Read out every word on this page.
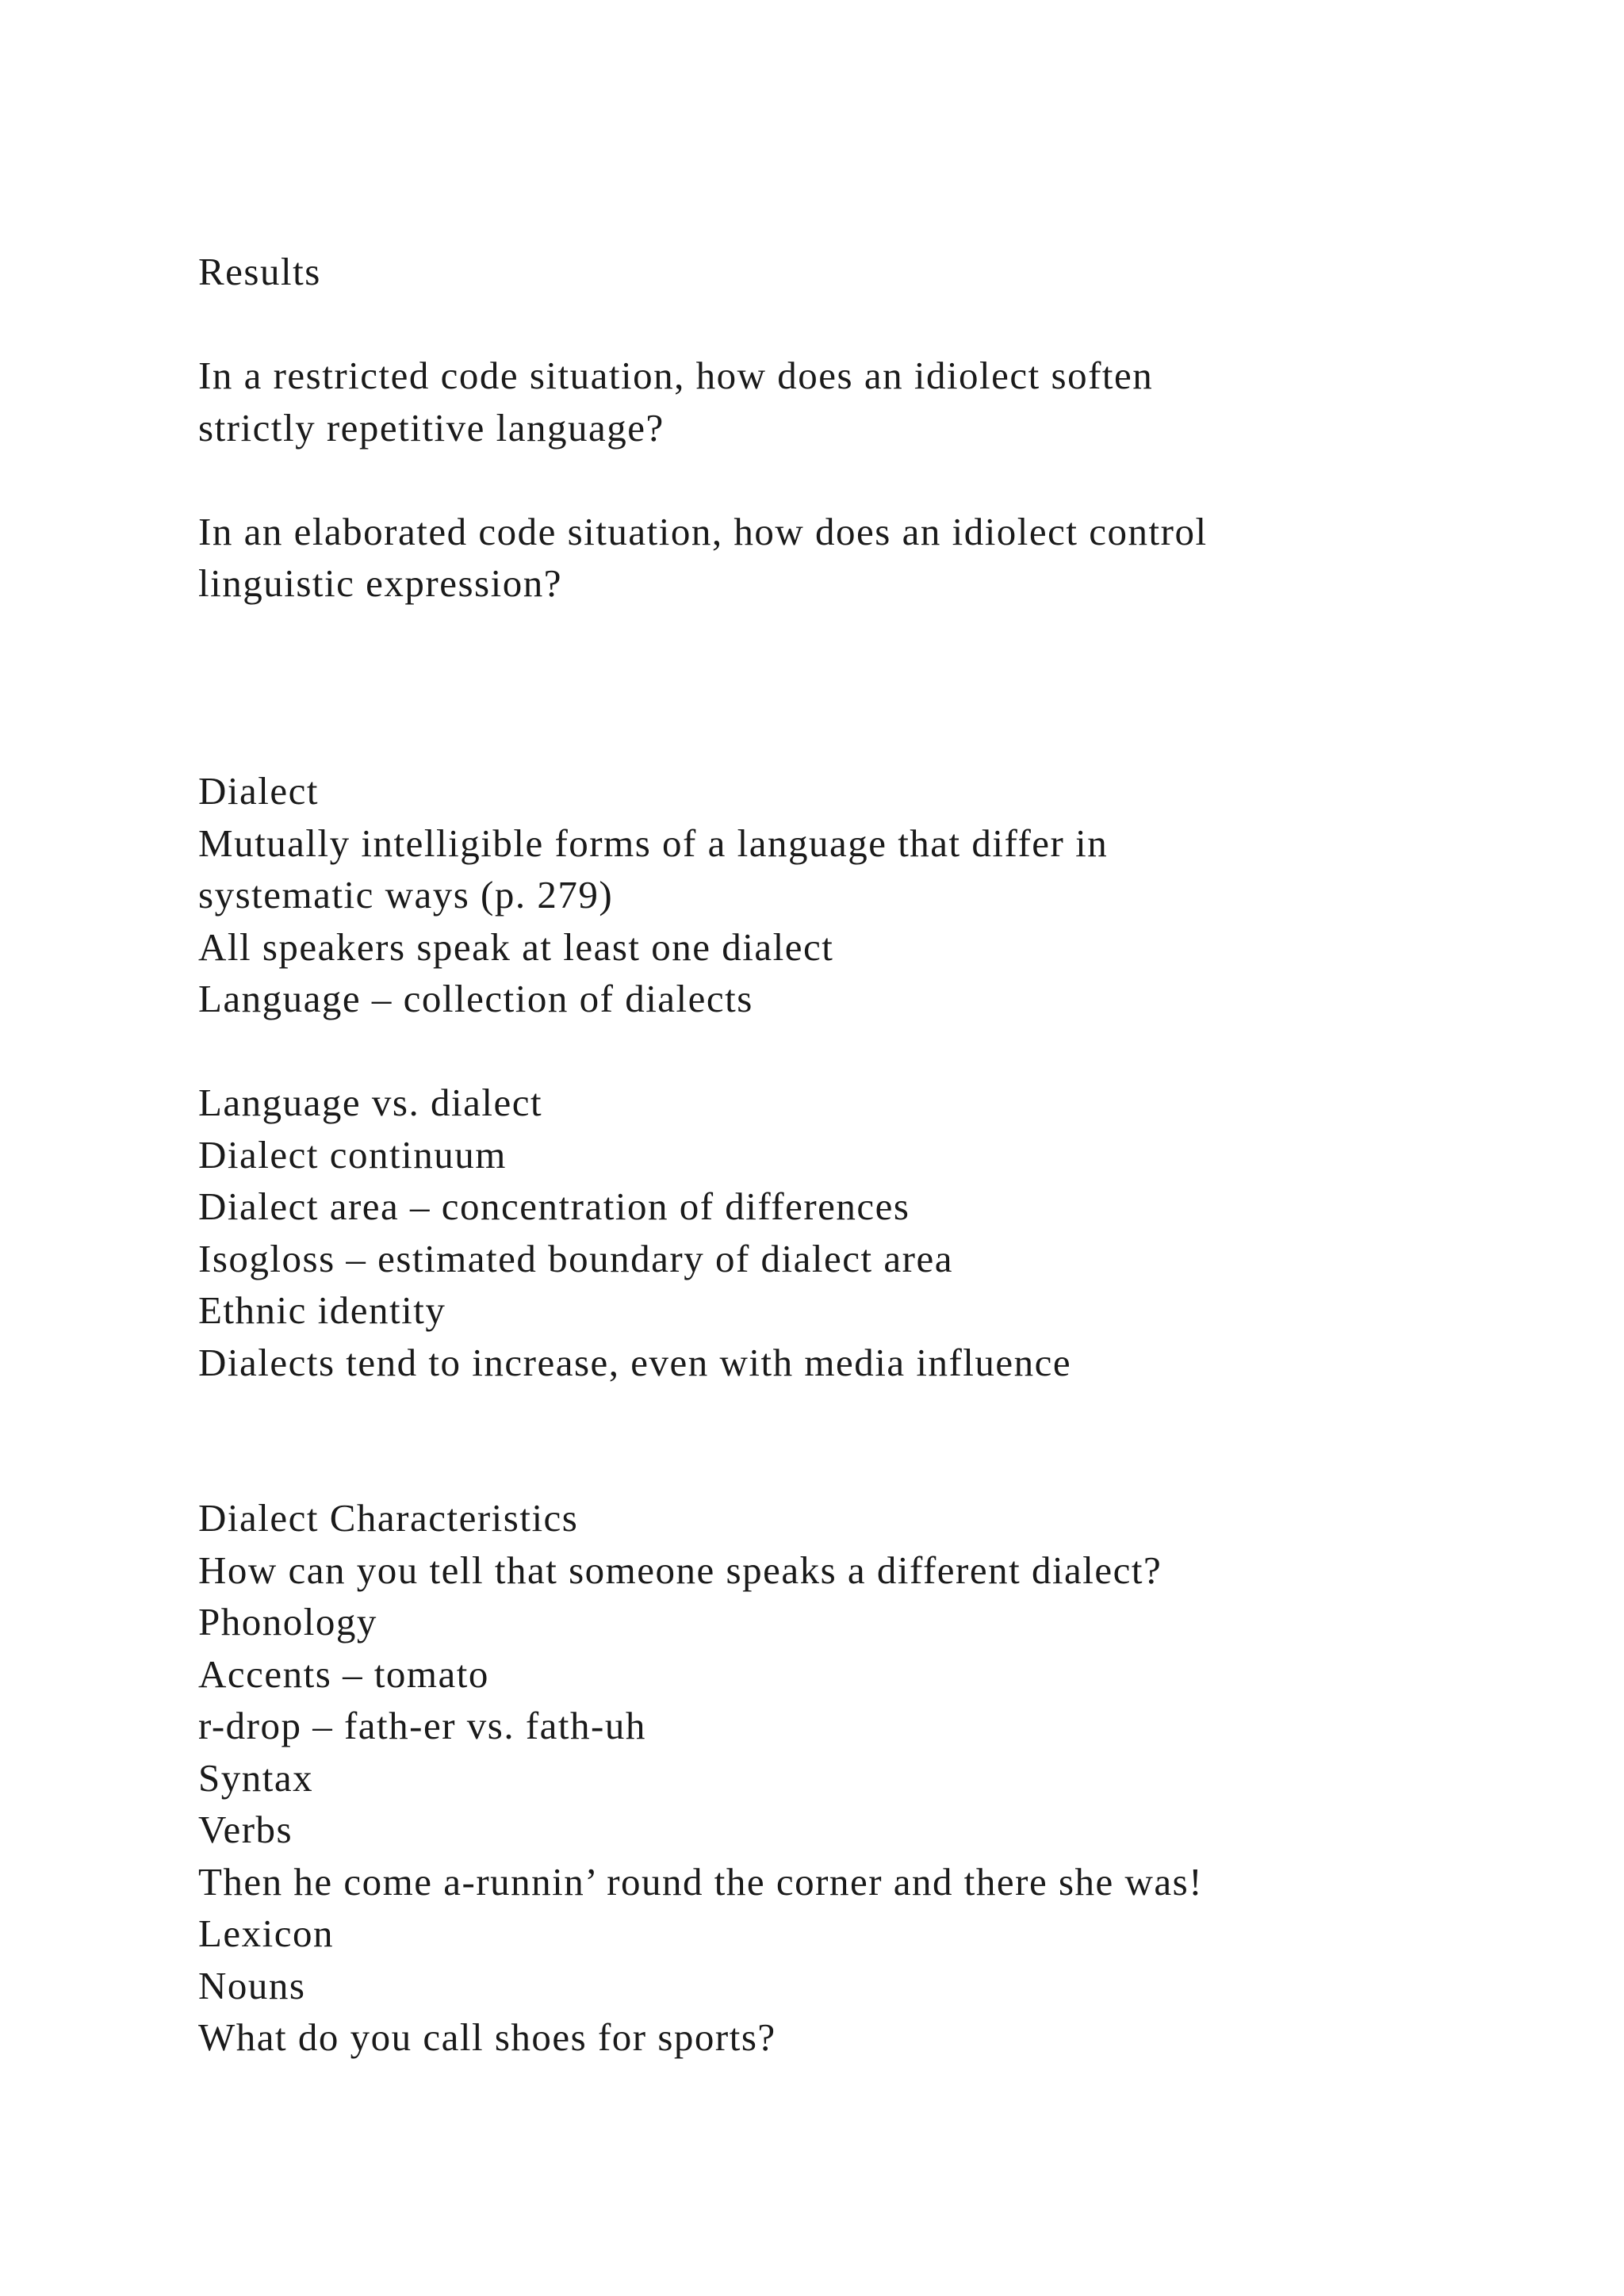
Results
In a restricted code situation, how does an idiolect soften
strictly repetitive language?
In an elaborated code situation, how does an idiolect control
linguistic expression?
Dialect
Mutually intelligible forms of a language that differ in
systematic ways (p. 279)
All speakers speak at least one dialect
Language – collection of dialects
Language vs. dialect
Dialect continuum
Dialect area – concentration of differences
Isogloss – estimated boundary of dialect area
Ethnic identity
Dialects tend to increase, even with media influence
Dialect Characteristics
How can you tell that someone speaks a different dialect?
Phonology
Accents – tomato
r-drop – fath-er vs. fath-uh
Syntax
Verbs
Then he come a-runnin’ round the corner and there she was!
Lexicon
Nouns
What do you call shoes for sports?
